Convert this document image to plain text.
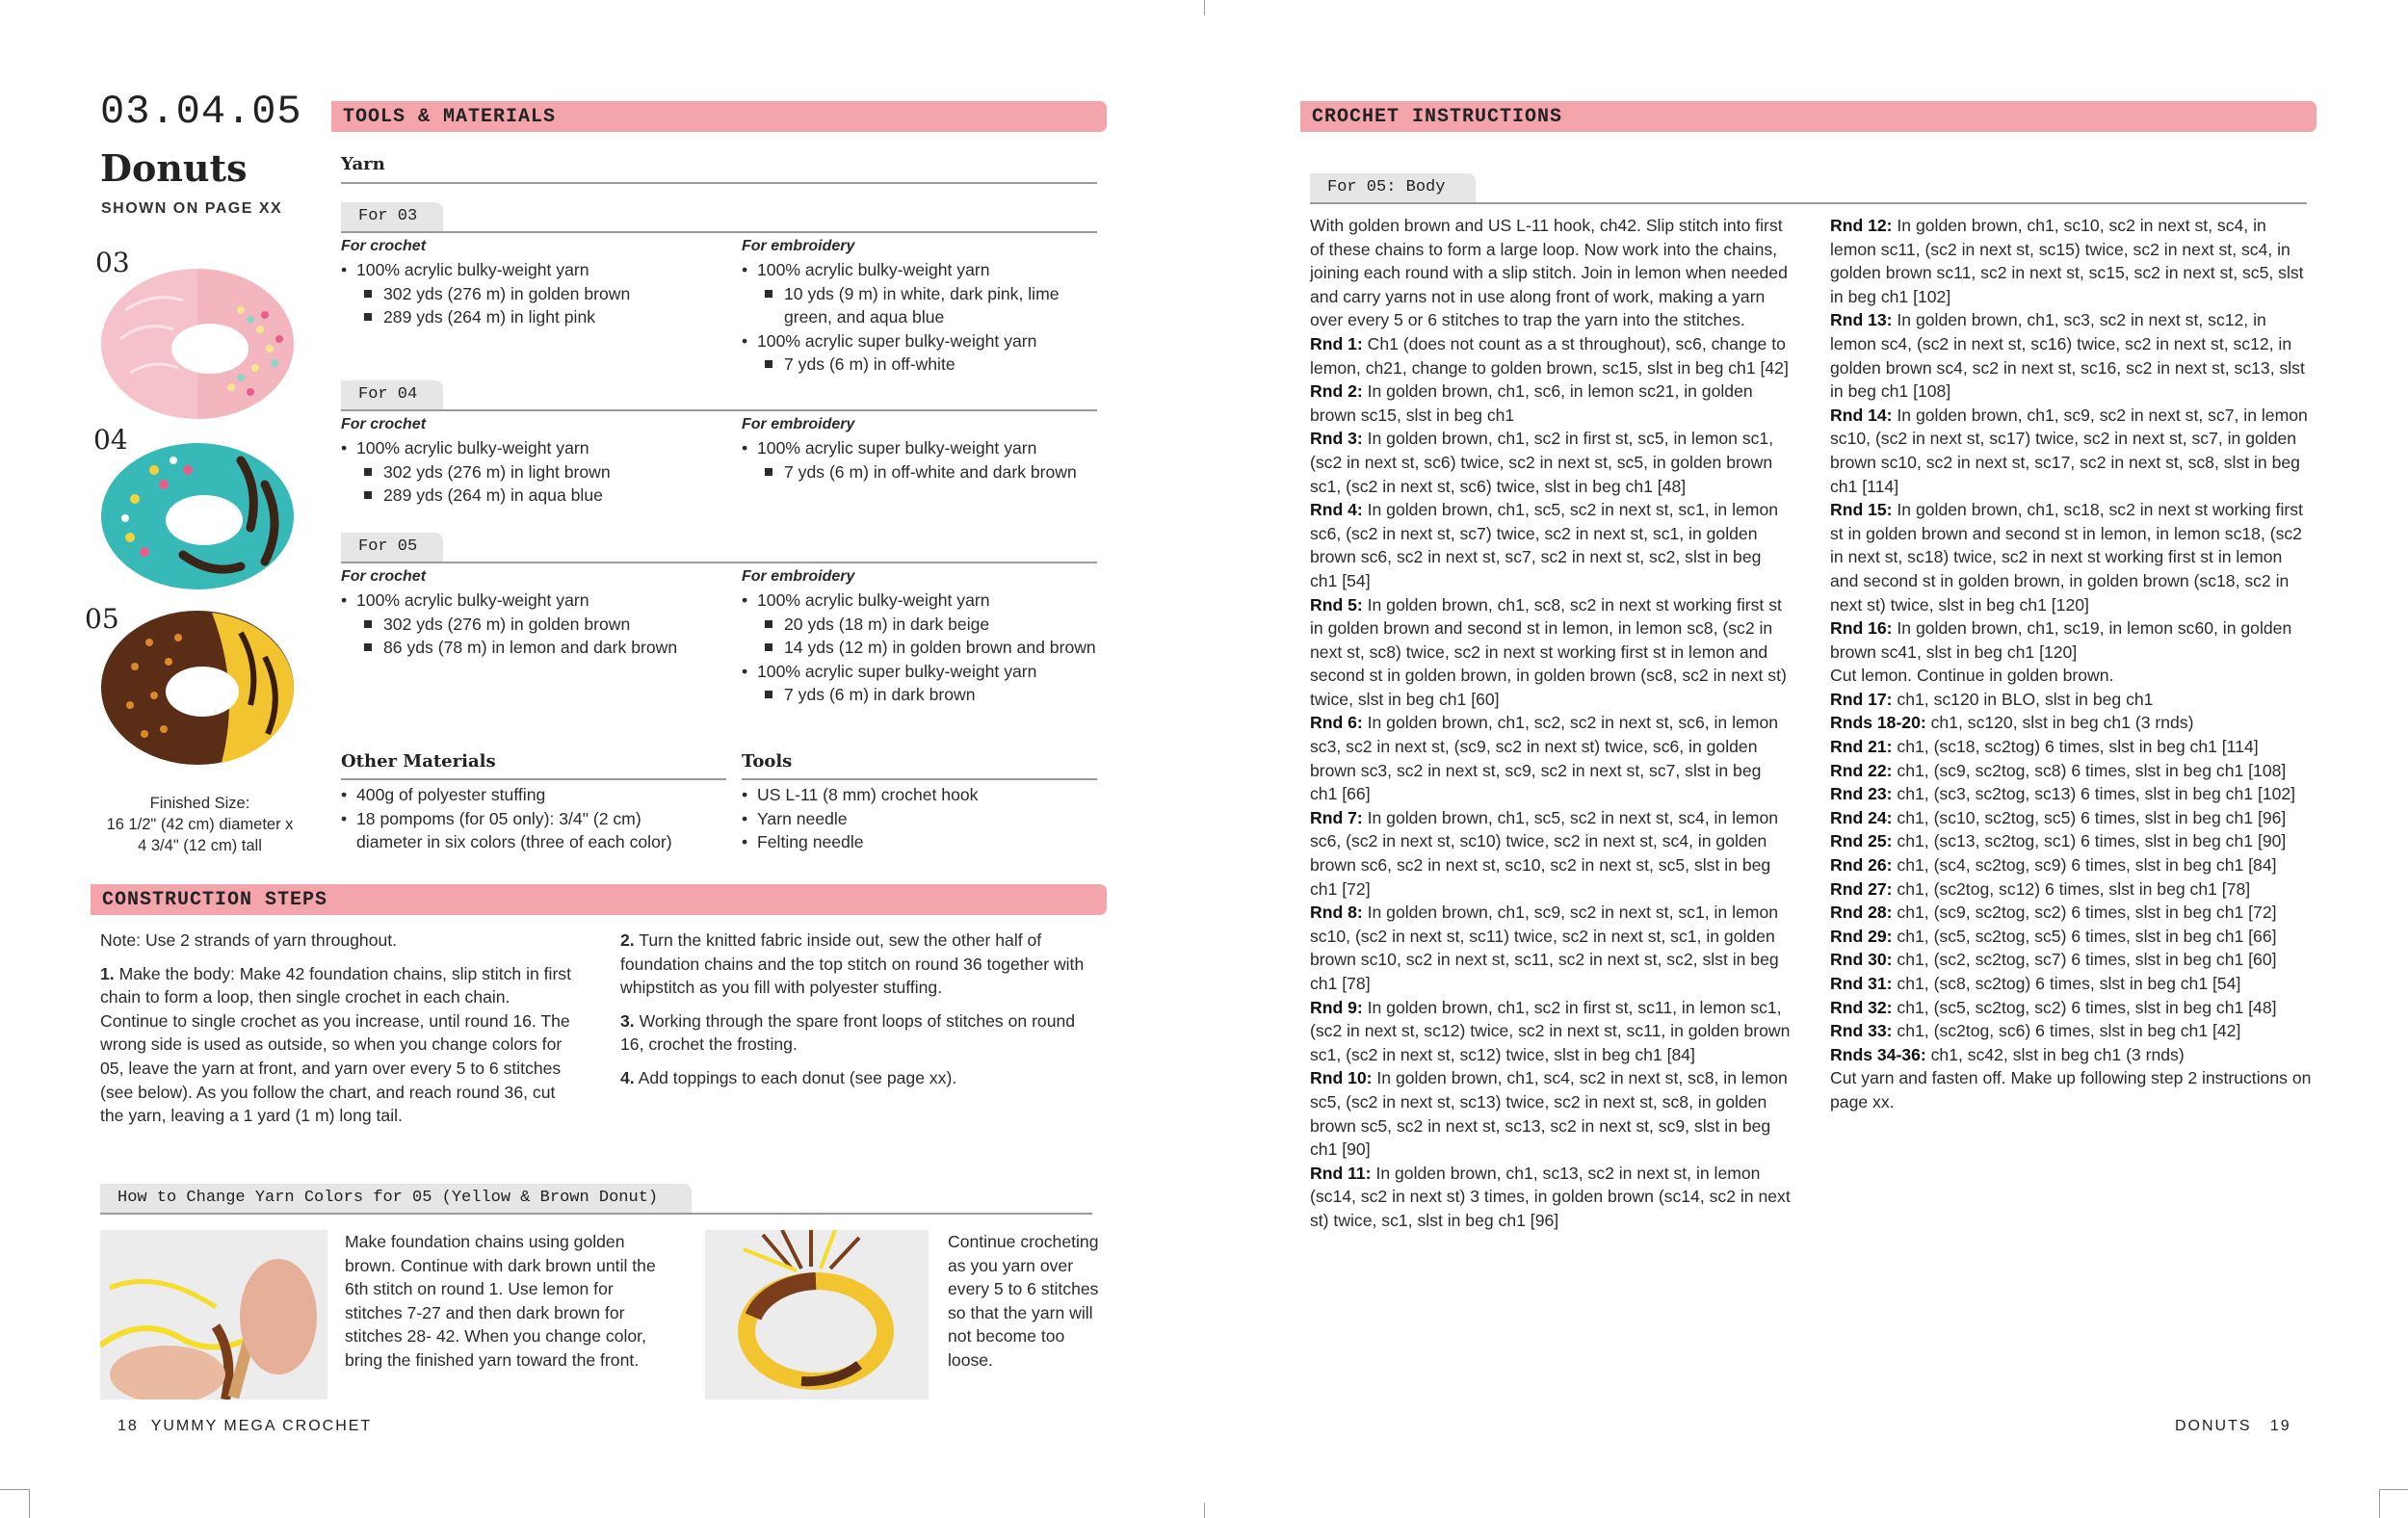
03.04.05
Donuts
SHOWN ON PAGE XX
03
04
05
Finished Size:
16 1/2" (42 cm) diameter x
4 3/4" (12 cm) tall
TOOLS & MATERIALS
Yarn
For 03
For crochet
• 100% acrylic bulky-weight yarn
302 yds (276 m) in golden brown
289 yds (264 m) in light pink
For embroidery
• 100% acrylic bulky-weight yarn
10 yds (9 m) in white, dark pink, lime green, and aqua blue
• 100% acrylic super bulky-weight yarn
7 yds (6 m) in off-white
For 04
For crochet
• 100% acrylic bulky-weight yarn
302 yds (276 m) in light brown
289 yds (264 m) in aqua blue
For embroidery
• 100% acrylic super bulky-weight yarn
7 yds (6 m) in off-white and dark brown
For 05
For crochet
• 100% acrylic bulky-weight yarn
302 yds (276 m) in golden brown
86 yds (78 m) in lemon and dark brown
For embroidery
• 100% acrylic bulky-weight yarn
20 yds (18 m) in dark beige
14 yds (12 m) in golden brown and brown
• 100% acrylic super bulky-weight yarn
7 yds (6 m) in dark brown
Other Materials
• 400g of polyester stuffing
• 18 pompoms (for 05 only): 3/4" (2 cm) diameter in six colors (three of each color)
Tools
• US L-11 (8 mm) crochet hook
• Yarn needle
• Felting needle
CONSTRUCTION STEPS
Note: Use 2 strands of yarn throughout.
1. Make the body: Make 42 foundation chains, slip stitch in first chain to form a loop, then single crochet in each chain. Continue to single crochet as you increase, until round 16. The wrong side is used as outside, so when you change colors for 05, leave the yarn at front, and yarn over every 5 to 6 stitches (see below). As you follow the chart, and reach round 36, cut the yarn, leaving a 1 yard (1 m) long tail.
2. Turn the knitted fabric inside out, sew the other half of foundation chains and the top stitch on round 36 together with whipstitch as you fill with polyester stuffing.
3. Working through the spare front loops of stitches on round 16, crochet the frosting.
4. Add toppings to each donut (see page xx).
How to Change Yarn Colors for 05 (Yellow & Brown Donut)
Make foundation chains using golden brown. Continue with dark brown until the 6th stitch on round 1. Use lemon for stitches 7-27 and then dark brown for stitches 28- 42. When you change color, bring the finished yarn toward the front.
Continue crocheting as you yarn over every 5 to 6 stitches so that the yarn will not become too loose.
18 YUMMY MEGA CROCHET
CROCHET INSTRUCTIONS
For 05: Body
With golden brown and US L-11 hook, ch42. Slip stitch into first of these chains to form a large loop. Now work into the chains, joining each round with a slip stitch. Join in lemon when needed and carry yarns not in use along front of work, making a yarn over every 5 or 6 stitches to trap the yarn into the stitches.
Rnd 1: Ch1 (does not count as a st throughout), sc6, change to lemon, ch21, change to golden brown, sc15, slst in beg ch1 [42]
Rnd 2: In golden brown, ch1, sc6, in lemon sc21, in golden brown sc15, slst in beg ch1
Rnd 3: In golden brown, ch1, sc2 in first st, sc5, in lemon sc1, (sc2 in next st, sc6) twice, sc2 in next st, sc5, in golden brown sc1, (sc2 in next st, sc6) twice, slst in beg ch1 [48]
Rnd 4: In golden brown, ch1, sc5, sc2 in next st, sc1, in lemon sc6, (sc2 in next st, sc7) twice, sc2 in next st, sc1, in golden brown sc6, sc2 in next st, sc7, sc2 in next st, sc2, slst in beg ch1 [54]
Rnd 5: In golden brown, ch1, sc8, sc2 in next st working first st in golden brown and second st in lemon, in lemon sc8, (sc2 in next st, sc8) twice, sc2 in next st working first st in lemon and second st in golden brown, in golden brown (sc8, sc2 in next st) twice, slst in beg ch1 [60]
Rnd 6: In golden brown, ch1, sc2, sc2 in next st, sc6, in lemon sc3, sc2 in next st, (sc9, sc2 in next st) twice, sc6, in golden brown sc3, sc2 in next st, sc9, sc2 in next st, sc7, slst in beg ch1 [66]
Rnd 7: In golden brown, ch1, sc5, sc2 in next st, sc4, in lemon sc6, (sc2 in next st, sc10) twice, sc2 in next st, sc4, in golden brown sc6, sc2 in next st, sc10, sc2 in next st, sc5, slst in beg ch1 [72]
Rnd 8: In golden brown, ch1, sc9, sc2 in next st, sc1, in lemon sc10, (sc2 in next st, sc11) twice, sc2 in next st, sc1, in golden brown sc10, sc2 in next st, sc11, sc2 in next st, sc2, slst in beg ch1 [78]
Rnd 9: In golden brown, ch1, sc2 in first st, sc11, in lemon sc1, (sc2 in next st, sc12) twice, sc2 in next st, sc11, in golden brown sc1, (sc2 in next st, sc12) twice, slst in beg ch1 [84]
Rnd 10: In golden brown, ch1, sc4, sc2 in next st, sc8, in lemon sc5, (sc2 in next st, sc13) twice, sc2 in next st, sc8, in golden brown sc5, sc2 in next st, sc13, sc2 in next st, sc9, slst in beg ch1 [90]
Rnd 11: In golden brown, ch1, sc13, sc2 in next st, in lemon (sc14, sc2 in next st) 3 times, in golden brown (sc14, sc2 in next st) twice, sc1, slst in beg ch1 [96]
Rnd 12: In golden brown, ch1, sc10, sc2 in next st, sc4, in lemon sc11, (sc2 in next st, sc15) twice, sc2 in next st, sc4, in golden brown sc11, sc2 in next st, sc15, sc2 in next st, sc5, slst in beg ch1 [102]
Rnd 13: In golden brown, ch1, sc3, sc2 in next st, sc12, in lemon sc4, (sc2 in next st, sc16) twice, sc2 in next st, sc12, in golden brown sc4, sc2 in next st, sc16, sc2 in next st, sc13, slst in beg ch1 [108]
Rnd 14: In golden brown, ch1, sc9, sc2 in next st, sc7, in lemon sc10, (sc2 in next st, sc17) twice, sc2 in next st, sc7, in golden brown sc10, sc2 in next st, sc17, sc2 in next st, sc8, slst in beg ch1 [114]
Rnd 15: In golden brown, ch1, sc18, sc2 in next st working first st in golden brown and second st in lemon, in lemon sc18, (sc2 in next st, sc18) twice, sc2 in next st working first st in lemon and second st in golden brown, in golden brown (sc18, sc2 in next st) twice, slst in beg ch1 [120]
Rnd 16: In golden brown, ch1, sc19, in lemon sc60, in golden brown sc41, slst in beg ch1 [120]
Cut lemon. Continue in golden brown.
Rnd 17: ch1, sc120 in BLO, slst in beg ch1
Rnds 18-20: ch1, sc120, slst in beg ch1 (3 rnds)
Rnd 21: ch1, (sc18, sc2tog) 6 times, slst in beg ch1 [114]
Rnd 22: ch1, (sc9, sc2tog, sc8) 6 times, slst in beg ch1 [108]
Rnd 23: ch1, (sc3, sc2tog, sc13) 6 times, slst in beg ch1 [102]
Rnd 24: ch1, (sc10, sc2tog, sc5) 6 times, slst in beg ch1 [96]
Rnd 25: ch1, (sc13, sc2tog, sc1) 6 times, slst in beg ch1 [90]
Rnd 26: ch1, (sc4, sc2tog, sc9) 6 times, slst in beg ch1 [84]
Rnd 27: ch1, (sc2tog, sc12) 6 times, slst in beg ch1 [78]
Rnd 28: ch1, (sc9, sc2tog, sc2) 6 times, slst in beg ch1 [72]
Rnd 29: ch1, (sc5, sc2tog, sc5) 6 times, slst in beg ch1 [66]
Rnd 30: ch1, (sc2, sc2tog, sc7) 6 times, slst in beg ch1 [60]
Rnd 31: ch1, (sc8, sc2tog) 6 times, slst in beg ch1 [54]
Rnd 32: ch1, (sc5, sc2tog, sc2) 6 times, slst in beg ch1 [48]
Rnd 33: ch1, (sc2tog, sc6) 6 times, slst in beg ch1 [42]
Rnds 34-36: ch1, sc42, slst in beg ch1 (3 rnds)
Cut yarn and fasten off. Make up following step 2 instructions on page xx.
DONUTS 19
